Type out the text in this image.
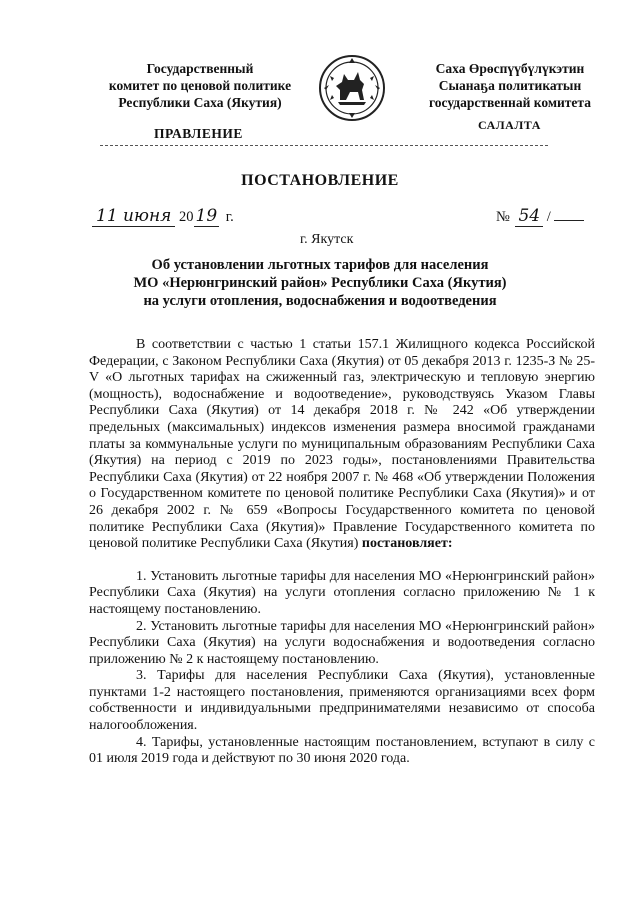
Государственный
комитет по ценовой политике
Республики Саха (Якутия)
Саха Өрөспүүбүлүкэтин
Сыанаҕа политикатын
государственнай комитета
ПРАВЛЕНИЕ
САЛАЛТА
ПОСТАНОВЛЕНИЕ
11 июня 20 19 г.	№ 54 /
г. Якутск
Об установлении льготных тарифов для населения
МО «Нерюнгринский район» Республики Саха (Якутия)
на услуги отопления, водоснабжения и водоотведения

В соответствии с частью 1 статьи 157.1 Жилищного кодекса Российской Федерации, с Законом Республики Саха (Якутия) от 05 декабря 2013 г. 1235-З № 25-V «О льготных тарифах на сжиженный газ, электрическую и тепловую энергию (мощность), водоснабжение и водоотведение», руководствуясь Указом Главы Республики Саха (Якутия) от 14 декабря 2018 г. № 242 «Об утверждении предельных (максимальных) индексов изменения размера вносимой гражданами платы за коммунальные услуги по муниципальным образованиям Республики Саха (Якутия) на период с 2019 по 2023 годы», постановлениями Правительства Республики Саха (Якутия) от 22 ноября 2007 г. № 468 «Об утверждении Положения о Государственном комитете по ценовой политике Республики Саха (Якутия)» и от 26 декабря 2002 г. № 659 «Вопросы Государственного комитета по ценовой политике Республики Саха (Якутия)» Правление Государственного комитета по ценовой политике Республики Саха (Якутия) постановляет:

1. Установить льготные тарифы для населения МО «Нерюнгринский район» Республики Саха (Якутия) на услуги отопления согласно приложению № 1 к настоящему постановлению.

2. Установить льготные тарифы для населения МО «Нерюнгринский район» Республики Саха (Якутия) на услуги водоснабжения и водоотведения согласно приложению № 2 к настоящему постановлению.

3. Тарифы для населения Республики Саха (Якутия), установленные пунктами 1-2 настоящего постановления, применяются организациями всех форм собственности и индивидуальными предпринимателями независимо от способа налогообложения.

4. Тарифы, установленные настоящим постановлением, вступают в силу с 01 июля 2019 года и действуют по 30 июня 2020 года.
